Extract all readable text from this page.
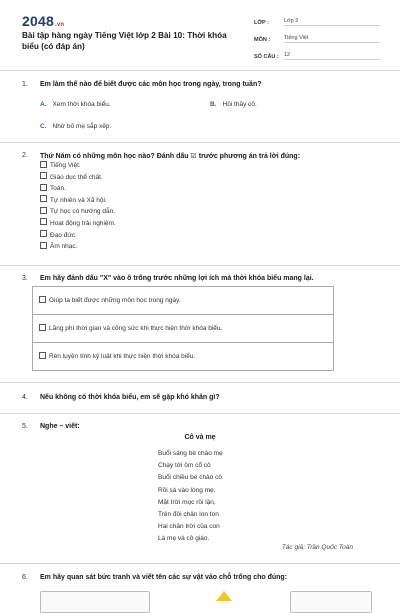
2048.vn
Bài tập hàng ngày Tiếng Việt lớp 2 Bài 10: Thời khóa biểu (có đáp án)
LỚP :	Lớp 2
MÔN :	Tiếng Việt
SỐ CÂU : 12
1. Em làm thế nào để biết được các môn học trong ngày, trong tuần?
A. Xem thời khóa biểu.	B. Hỏi thầy cô.
C. Nhờ bố mẹ sắp xếp.
2. Thứ Năm có những môn học nào? Đánh dấu ☑ trước phương án trả lời đúng:
Tiếng Việt.
Giáo dục thể chất.
Toán.
Tự nhiên và Xã hội.
Tự học có hướng dẫn.
Hoạt động trải nghiệm.
Đạo đức.
Âm nhạc.
3. Em hãy đánh dấu "X" vào ô trống trước những lợi ích mà thời khóa biểu mang lại.
Giúp ta biết được những môn học trong ngày.
Lãng phí thời gian và công sức khi thực hiện thời khóa biểu.
Rèn luyện tính kỷ luật khi thực hiện thời khóa biểu.
4. Nếu không có thời khóa biểu, em sẽ gặp khó khăn gì?
5. Nghe – viết:
Cô và mẹ
Buổi sáng bé chào mẹ
Chạy tới ôm cổ cô
Buổi chiều bé chào cô
Rồi sà vào lòng mẹ.
Mặt trời mọc rồi lặn,
Trên đôi chân lon ton
Hai chân trời của con
Là mẹ và cô giáo.
Tác giả: Trần Quốc Toàn
6. Em hãy quan sát bức tranh và viết tên các sự vật vào chỗ trống cho đúng:
